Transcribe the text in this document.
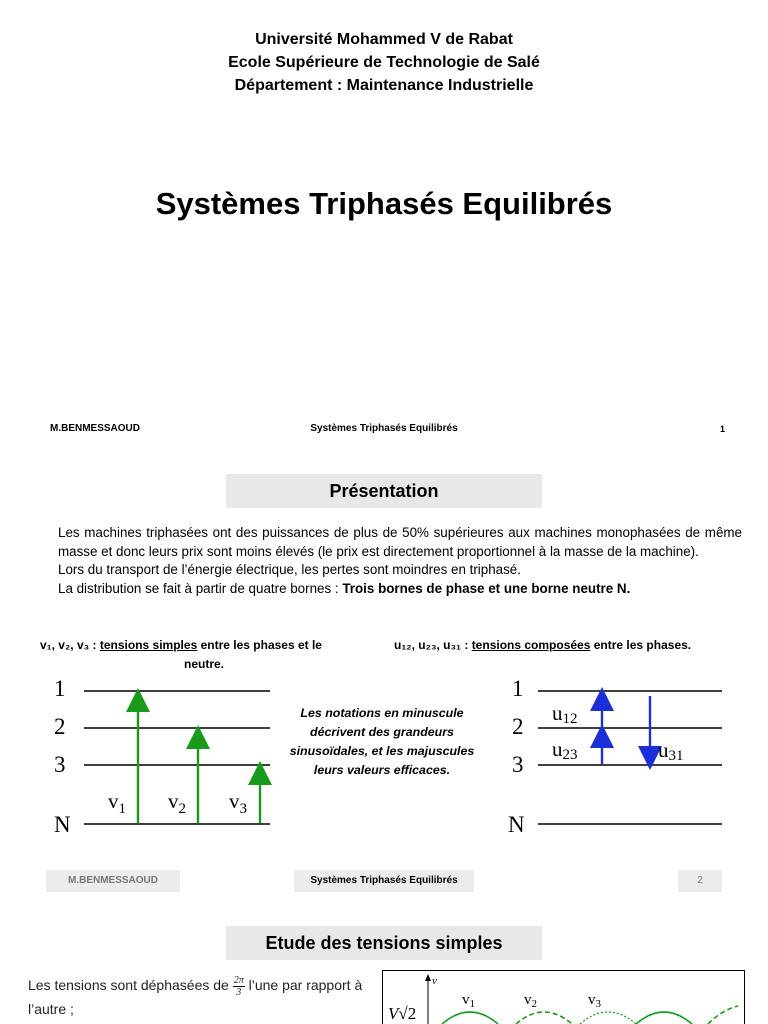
Université Mohammed V de Rabat
Ecole Supérieure de Technologie de Salé
Département : Maintenance Industrielle
Systèmes Triphasés Equilibrés
M.BENMESSAOUD	Systèmes Triphasés Equilibrés	1
Présentation
Les machines triphasées ont des puissances de plus de 50% supérieures aux machines monophasées de même masse et donc leurs prix sont moins élevés (le prix est directement proportionnel à la masse de la machine).
Lors du transport de l’énergie électrique, les pertes sont moindres en triphasé.
La distribution se fait à partir de quatre bornes : Trois bornes de phase et une borne neutre N.
v₁, v₂, v₃ : tensions simples entre les phases et le
neutre.
u₁₂, u₂₃, u₃₁ : tensions composées entre les phases.
1
2
3
N
$v_1$ $v_2$ $v_3$
Les notations en minuscule décrivent des grandeurs sinusoïdales, et les majuscules leurs valeurs efficaces.
1
2
3
N
u12
u23	u31
M.BENMESSAOUD	Systèmes Triphasés Equilibrés	2
Etude des tensions simples
Les tensions sont déphasées de $\frac{2\pi}{3}$ l’une par rapport à l’autre ;
v
V√2
$v_1$	$v_2$	$v_3$
